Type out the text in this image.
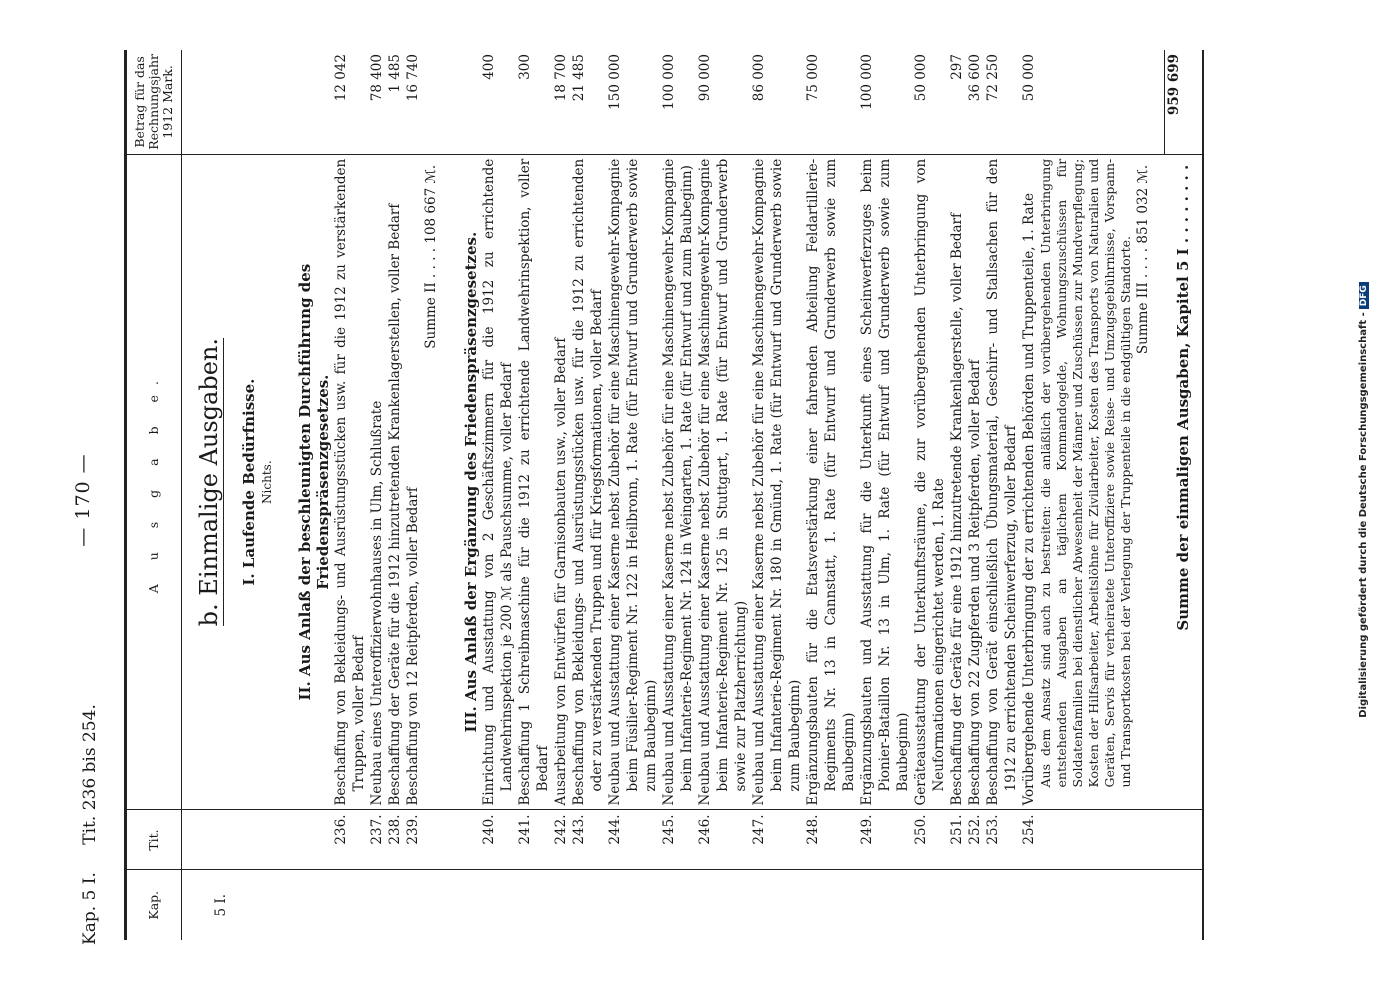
Kap. 5 I. Tit. 236 bis 254.
— 170 —
Kap.	Tit.	A u s g a b e.	Betrag für das Rechnungsjahr 1912 Mark.
5 I.		b. Einmalige Ausgaben.	
		I. Laufende Bedürfnisse.	
		Nichts.	
		II. Aus Anlaß der beschleunigten Durchführung des Friedenspräsenzgesetzes.	
	236.	Beschaffung von Bekleidungs- und Ausrüstungsstücken usw. für die 1912 zu verstärkenden Truppen, voller Bedarf	12 042
	237.	Neubau eines Unteroffizierwohnhauses in Ulm, Schlußrate	78 400
	238.	Beschaffung der Geräte für die 1912 hinzutretenden Krankenlagerstellen, voller Bedarf	1 485
	239.	Beschaffung von 12 Reitpferden, voller Bedarf	16 740
		Summe II . . . . 108 667 ℳ.	
		III. Aus Anlaß der Ergänzung des Friedenspräsenzgesetzes.	
	240.	Einrichtung und Ausstattung von 2 Geschäftszimmern für die 1912 zu errichtende Landwehrinspektion je 200 ℳ als Pauschsumme, voller Bedarf	400
	241.	Beschaffung 1 Schreibmaschine für die 1912 zu errichtende Landwehrinspektion, voller Bedarf	300
	242.	Ausarbeitung von Entwürfen für Garnisonbauten usw., voller Bedarf	18 700
	243.	Beschaffung von Bekleidungs- und Ausrüstungsstücken usw. für die 1912 zu errichtenden oder zu verstärkenden Truppen und für Kriegsformationen, voller Bedarf	21 485
	244.	Neubau und Ausstattung einer Kaserne nebst Zubehör für eine Maschinengewehr-Kompagnie beim Füsilier-Regiment Nr. 122 in Heilbronn, 1. Rate (für Entwurf und Grunderwerb sowie zum Baubeginn)	150 000
	245.	Neubau und Ausstattung einer Kaserne nebst Zubehör für eine Maschinengewehr-Kompagnie beim Infanterie-Regiment Nr. 124 in Weingarten, 1. Rate (für Entwurf und zum Baubeginn)	100 000
	246.	Neubau und Ausstattung einer Kaserne nebst Zubehör für eine Maschinengewehr-Kompagnie beim Infanterie-Regiment Nr. 125 in Stuttgart, 1. Rate (für Entwurf und Grunderwerb sowie zur Platzherrichtung)	90 000
	247.	Neubau und Ausstattung einer Kaserne nebst Zubehör für eine Maschinengewehr-Kompagnie beim Infanterie-Regiment Nr. 180 in Gmünd, 1. Rate (für Entwurf und Grunderwerb sowie zum Baubeginn)	86 000
	248.	Ergänzungsbauten für die Etatsverstärkung einer fahrenden Abteilung Feldartillerie-Regiments Nr. 13 in Cannstatt, 1. Rate (für Entwurf und Grunderwerb sowie zum Baubeginn)	75 000
	249.	Ergänzungsbauten und Ausstattung für die Unterkunft eines Scheinwerferzuges beim Pionier-Bataillon Nr. 13 in Ulm, 1. Rate (für Entwurf und Grunderwerb sowie zum Baubeginn)	100 000
	250.	Geräteausstattung der Unterkunftsräume, die zur vorübergehenden Unterbringung von Neuformationen eingerichtet werden, 1. Rate	50 000
	251.	Beschaffung der Geräte für eine 1912 hinzutretende Krankenlagerstelle, voller Bedarf	297
	252.	Beschaffung von 22 Zugpferden und 3 Reitpferden, voller Bedarf	36 600
	253.	Beschaffung von Gerät einschließlich Übungsmaterial, Geschirr- und Stallsachen für den 1912 zu errichtenden Scheinwerferzug, voller Bedarf	72 250
	254.	Vorübergehende Unterbringung der zu errichtenden Behörden und Truppenteile, 1. Rate	50 000
		Aus dem Ansatz sind auch zu bestreiten: die anläßlich der vorübergehenden Unterbringung entstehenden Ausgaben an täglichem Kommandogelde, Wohnungszuschüssen für Soldatenfamilien bei dienstlicher Abwesenheit der Männer und Zuschüssen zur Mundverpflegung; Kosten der Hilfsarbeiter, Arbeitslöhne für Zivilarbeiter, Kosten des Transports von Naturalien und Geräten, Servis für verheiratete Unteroffiziere sowie Reise- und Umzugsgebührnisse, Vorspann- und Transportkosten bei der Verlegung der Truppenteile in die endgültigen Standorte.	
		Summe III . . . . 851 032 ℳ.	
		Summe der einmaligen Ausgaben, Kapitel 5 I . . .	959 699
Digitalisierung gefördert durch die Deutsche Forschungsgemeinschaft -DFG
